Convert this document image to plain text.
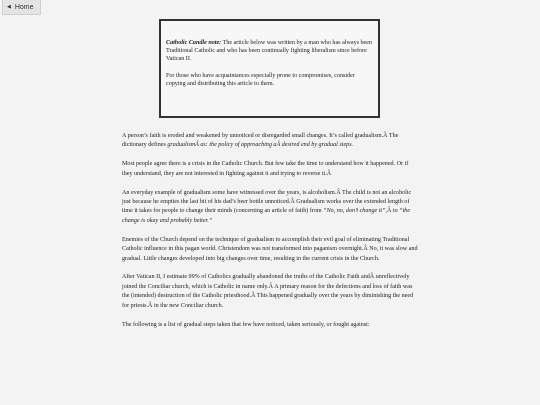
◀ Home

Catholic Candle note: The article below was written by a man who has always been Traditional Catholic and who has been continually fighting liberalism since before Vatican II.

For those who have acquaintances especially prone to compromises, consider copying and distributing this article to them.

A person’s faith is eroded and weakened by unnoticed or disregarded small changes. It’s called gradualism.Â The dictionary defines gradualismÂ as: the policy of approaching aÂ desired end by gradual steps.

Most people agree there is a crisis in the Catholic Church. But few take the time to understand how it happened. Or if they understand, they are not interested in fighting against it and trying to reverse it.Â

An everyday example of gradualism some have witnessed over the years, is alcoholism.Â The child is not an alcoholic just because he empties the last bit of his dad’s beer bottle unnoticed.Â Gradualism works over the extended length of time it takes for people to change their minds (concerning an article of faith) from “No, no, don’t change it”,Â to “the change is okay and probably better.”

Enemies of the Church depend on the technique of gradualism to accomplish their evil goal of eliminating Traditional Catholic influence in this pagan world. Christendom was not transformed into paganism overnight.Â No, it was slow and gradual. Little changes developed into big changes over time, resulting in the current crisis in the Church.

After Vatican II, I estimate 99% of Catholics gradually abandoned the truths of the Catholic Faith andÂ unreflectively joined the Conciliar church, which is Catholic in name only.Â A primary reason for the defections and loss of faith was the (intended) destruction of the Catholic priesthood.Â This happened gradually over the years by diminishing the need for priests.Â in the new Conciliar church.

The following is a list of gradual steps taken that few have noticed, taken seriously, or fought against:
